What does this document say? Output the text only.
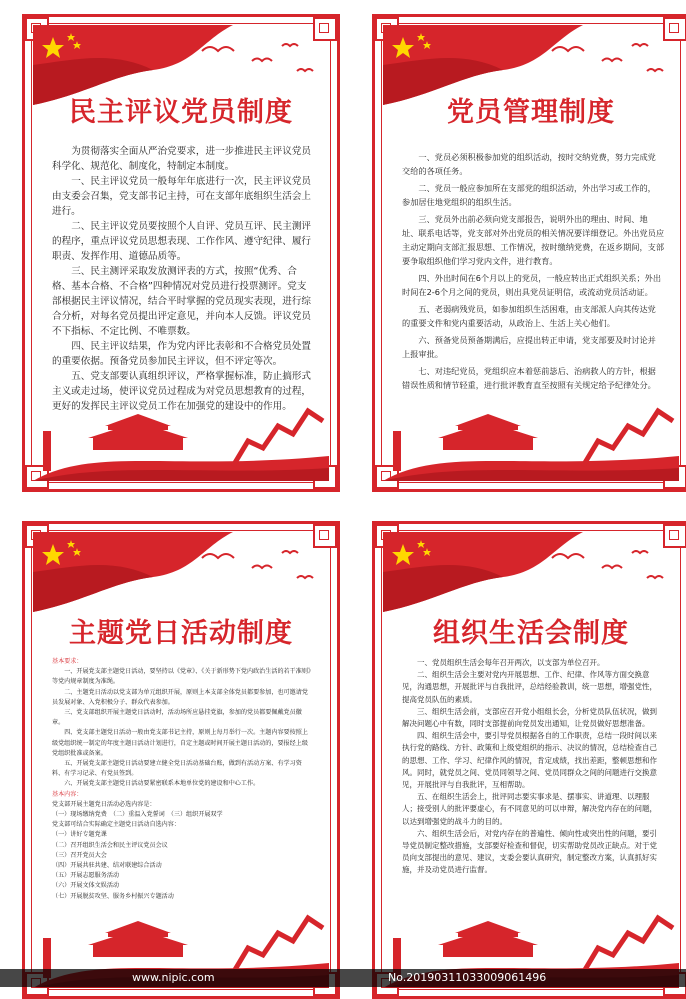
民主评议党员制度

为贯彻落实全面从严治党要求，进一步推进民主评议党员科学化、规范化、制度化，特制定本制度。

一、民主评议党员一般每年年底进行一次，民主评议党员由支委会召集，党支部书记主持，可在支部年底组织生活会上进行。

二、民主评议党员要按照个人自评、党员互评、民主测评的程序，重点评议党员思想表现、工作作风、遵守纪律、履行职责、发挥作用、道德品质等。

三、民主测评采取发放测评表的方式，按照“优秀、合格、基本合格、不合格”四种情况对党员进行投票测评。党支部根据民主评议情况，结合平时掌握的党员现实表现，进行综合分析，对每名党员提出评定意见，并向本人反馈。评议党员不下指标、不定比例、不唯票数。

四、民主评议结果，作为党内评比表彰和不合格党员处置的重要依据。预备党员参加民主评议，但不评定等次。

五、党支部要认真组织评议，严格掌握标准，防止搞形式主义或走过场，使评议党员过程成为对党员思想教育的过程，更好的发挥民主评议党员工作在加强党的建设中的作用。

党员管理制度

一、党员必须积极参加党的组织活动，按时交纳党费，努力完成党交给的各项任务。

二、党员一般应参加所在支部党的组织活动，外出学习或工作的，参加居住地党组织的组织生活。

三、党员外出前必须向党支部报告，说明外出的理由、时间、地址、联系电话等，党支部对外出党员的相关情况要详细登记。外出党员应主动定期向支部汇报思想、工作情况，按时缴纳党费，在返乡期间，支部要争取组织他们学习党内文件，进行教育。

四、外出时间在6个月以上的党员，一般应转出正式组织关系；外出时间在2-6个月之间的党员，则出具党员证明信，或流动党员活动证。

五、老弱病残党员，如参加组织生活困难，由支部派人向其传达党的重要文件和党内重要活动，从政治上、生活上关心他们。

六、预备党员预备期满后，应提出转正申请，党支部要及时讨论并上报审批。

七、对违纪党员，党组织应本着惩前毖后、治病救人的方针，根据错误性质和情节轻重，进行批评教育直至按照有关规定给予纪律处分。

主题党日活动制度

基本要求：

一、开展党支部主题党日活动，要坚持以《党章》、《关于新形势下党内政治生活的若干准则》等党内规章制度为准绳。

二、主题党日活动以党支部为单元组织开展，原则上本支部全体党员都要参加，也可邀请党员发展对象、入党积极分子、群众代表参加。

三、党支部组织开展主题党日活动时，活动场所应悬挂党旗，参加的党员都要佩戴党员徽章。

四、党支部主题党日活动一般由党支部书记主持，原则上每月举行一次。主题内容要按照上级党组织统一制定的年度主题日活动计划进行，自定主题或时间开展主题日活动的，要报经上级党组织批准或备案。

五、开展党支部主题党日活动要建立健全党日活动基础台账，做到有活动方案、有学习资料、有学习记录、有党员签到。

六、开展党支部主题党日活动要紧密联系本地单位党的建设和中心工作。

基本内容：

党支部开展主题党日活动必选内容是：

（一）现场缴纳党费　（二）重温入党誓词　（三）组织开展双学

党支部可结合实际确定主题党日活动自选内容：

（一）讲好专题党课

（二）召开组织生活会和民主评议党员会议

（三）召开党员大会

（四）开展共驻共建、结对联建综合活动

（五）开展志愿服务活动

（六）开展文体文娱活动

（七）开展脱贫攻坚、服务乡村振兴专题活动

组织生活会制度

一、党员组织生活会每年召开两次，以支部为单位召开。

二、组织生活会主要对党内开展思想、工作、纪律、作风等方面交换意见，沟通思想，开展批评与自我批评，总结经验教训，统一思想，增强党性，提高党员队伍的素质。

三、组织生活会前，支部应召开党小组组长会，分析党员队伍状况，做到解决问题心中有数，同时支部提前向党员发出通知，让党员做好思想准备。

四、组织生活会中，要引导党员根据各自的工作职责，总结一段时间以来执行党的路线、方针、政策和上级党组织的指示、决议的情况，总结检查自己的思想、工作、学习、纪律作风的情况，肯定成绩，找出差距，整顿思想和作风。同时，就党员之间、党员同领导之间、党员同群众之间的问题进行交换意见，开展批评与自我批评，互相帮助。

五、在组织生活会上，批评同志要实事求是、摆事实、讲道理、以理服人；接受别人的批评要虚心，有不同意见的可以申辩，解决党内存在的问题，以达到增强党的战斗力的目的。

六、组织生活会后，对党内存在的普遍性、倾向性或突出性的问题，要引导党员制定整改措施，支部要好检查和督促，切实帮助党员改正缺点。对于党员向支部提出的意见、建议，支委会要认真研究，制定整改方案，认真抓好实施，并及动党员进行监督。

www.nipic.com	No.20190311033009061496
